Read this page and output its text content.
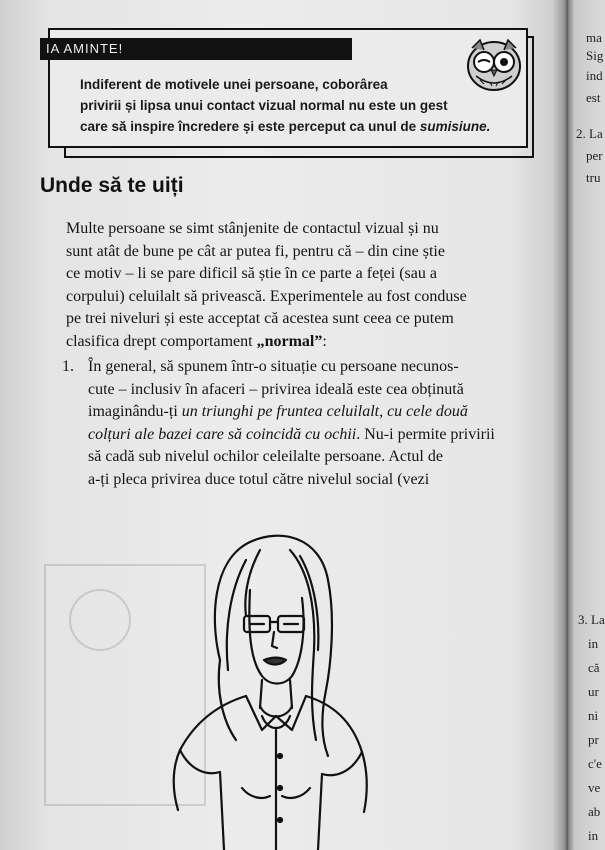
ma
Sig
ind
est
2. La
per
tru
3. La
in
că
ur
ni
pr
c'e
ve
ab
in
IA AMINTE!
Indiferent de motivele unei persoane, coborârea
privirii și lipsa unui contact vizual normal nu este un gest
care să inspire încredere și este perceput ca unul de sumisiune.
Unde să te uiți
Multe persoane se simt stânjenite de contactul vizual și nu
sunt atât de bune pe cât ar putea fi, pentru că – din cine știe
ce motiv – li se pare dificil să știe în ce parte a feței (sau a
corpului) celuilalt să privească. Experimentele au fost conduse
pe trei niveluri și este acceptat că acestea sunt ceea ce putem
clasifica drept comportament „normal”:
1. În general, să spunem într-o situație cu persoane necunos-
cute – inclusiv în afaceri – privirea ideală este cea obținută
imaginându-ți un triunghi pe fruntea celuilalt, cu cele două
colțuri ale bazei care să coincidă cu ochii. Nu-i permite privirii
să cadă sub nivelul ochilor celeilalte persoane. Actul de
a-ți pleca privirea duce totul către nivelul social (vezi
